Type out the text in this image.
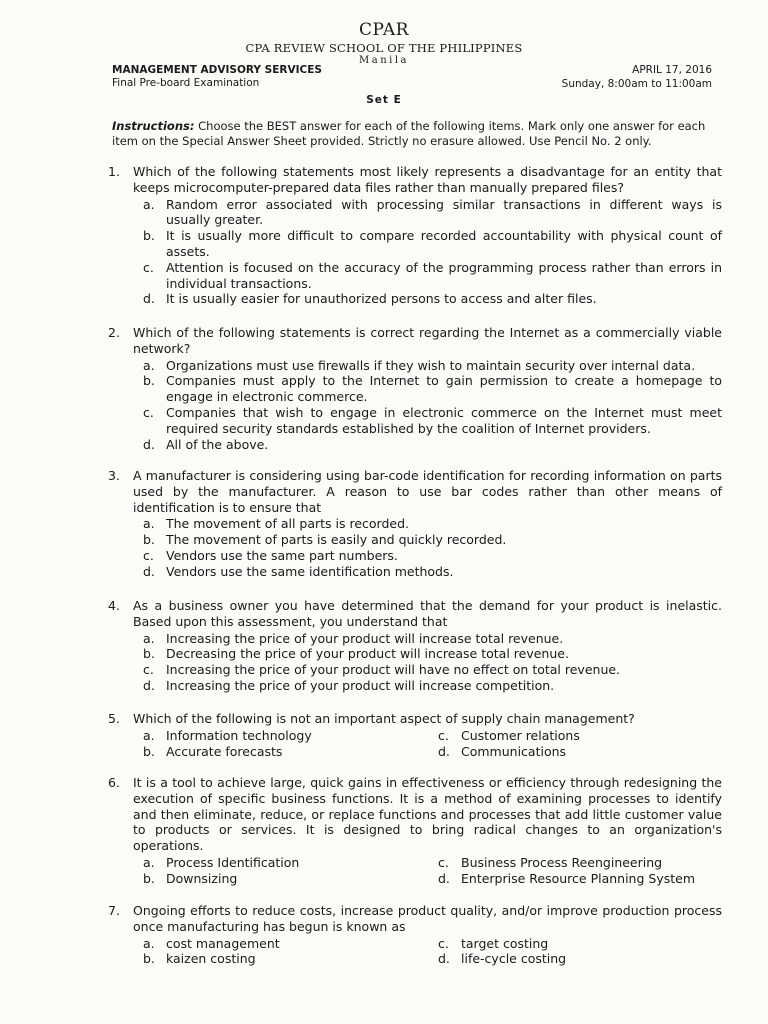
CPAR
CPA REVIEW SCHOOL OF THE PHILIPPINES
Manila
MANAGEMENT ADVISORY SERVICES
Final Pre-board Examination
APRIL 17, 2016
Sunday, 8:00am to 11:00am
Set E
Instructions: Choose the BEST answer for each of the following items. Mark only one answer for each item on the Special Answer Sheet provided. Strictly no erasure allowed. Use Pencil No. 2 only.
1. Which of the following statements most likely represents a disadvantage for an entity that keeps microcomputer-prepared data files rather than manually prepared files?
a. Random error associated with processing similar transactions in different ways is usually greater.
b. It is usually more difficult to compare recorded accountability with physical count of assets.
c. Attention is focused on the accuracy of the programming process rather than errors in individual transactions.
d. It is usually easier for unauthorized persons to access and alter files.
2. Which of the following statements is correct regarding the Internet as a commercially viable network?
a. Organizations must use firewalls if they wish to maintain security over internal data.
b. Companies must apply to the Internet to gain permission to create a homepage to engage in electronic commerce.
c. Companies that wish to engage in electronic commerce on the Internet must meet required security standards established by the coalition of Internet providers.
d. All of the above.
3. A manufacturer is considering using bar-code identification for recording information on parts used by the manufacturer. A reason to use bar codes rather than other means of identification is to ensure that
a. The movement of all parts is recorded.
b. The movement of parts is easily and quickly recorded.
c. Vendors use the same part numbers.
d. Vendors use the same identification methods.
4. As a business owner you have determined that the demand for your product is inelastic. Based upon this assessment, you understand that
a. Increasing the price of your product will increase total revenue.
b. Decreasing the price of your product will increase total revenue.
c. Increasing the price of your product will have no effect on total revenue.
d. Increasing the price of your product will increase competition.
5. Which of the following is not an important aspect of supply chain management?
a. Information technology	c. Customer relations
b. Accurate forecasts	d. Communications
6. It is a tool to achieve large, quick gains in effectiveness or efficiency through redesigning the execution of specific business functions. It is a method of examining processes to identify and then eliminate, reduce, or replace functions and processes that add little customer value to products or services. It is designed to bring radical changes to an organization's operations.
a. Process Identification	c. Business Process Reengineering
b. Downsizing	d. Enterprise Resource Planning System
7. Ongoing efforts to reduce costs, increase product quality, and/or improve production process once manufacturing has begun is known as
a. cost management	c. target costing
b. kaizen costing	d. life-cycle costing
